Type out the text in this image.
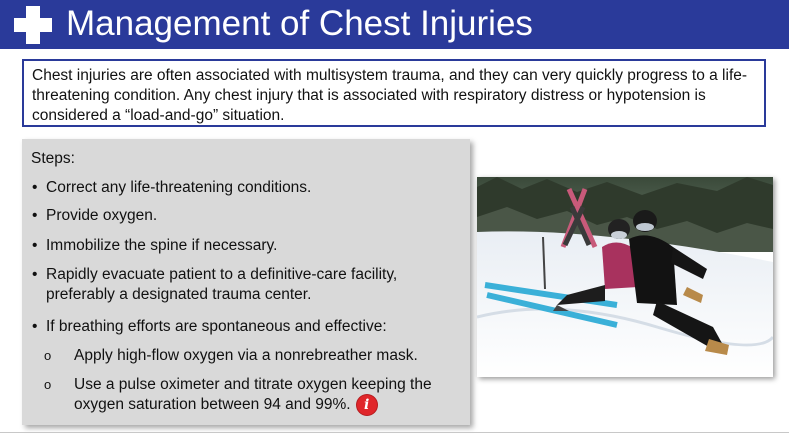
Management of Chest Injuries
Chest injuries are often associated with multisystem trauma, and they can very quickly progress to a life-threatening condition. Any chest injury that is associated with respiratory distress or hypotension is considered a “load-and-go” situation.
Steps:
• Correct any life-threatening conditions.
• Provide oxygen.
• Immobilize the spine if necessary.
• Rapidly evacuate patient to a definitive-care facility, preferably a designated trauma center.
• If breathing efforts are spontaneous and effective:
o	Apply high-flow oxygen via a nonrebreather mask.
o	Use a pulse oximeter and titrate oxygen keeping the oxygen saturation between 94 and 99%. i
